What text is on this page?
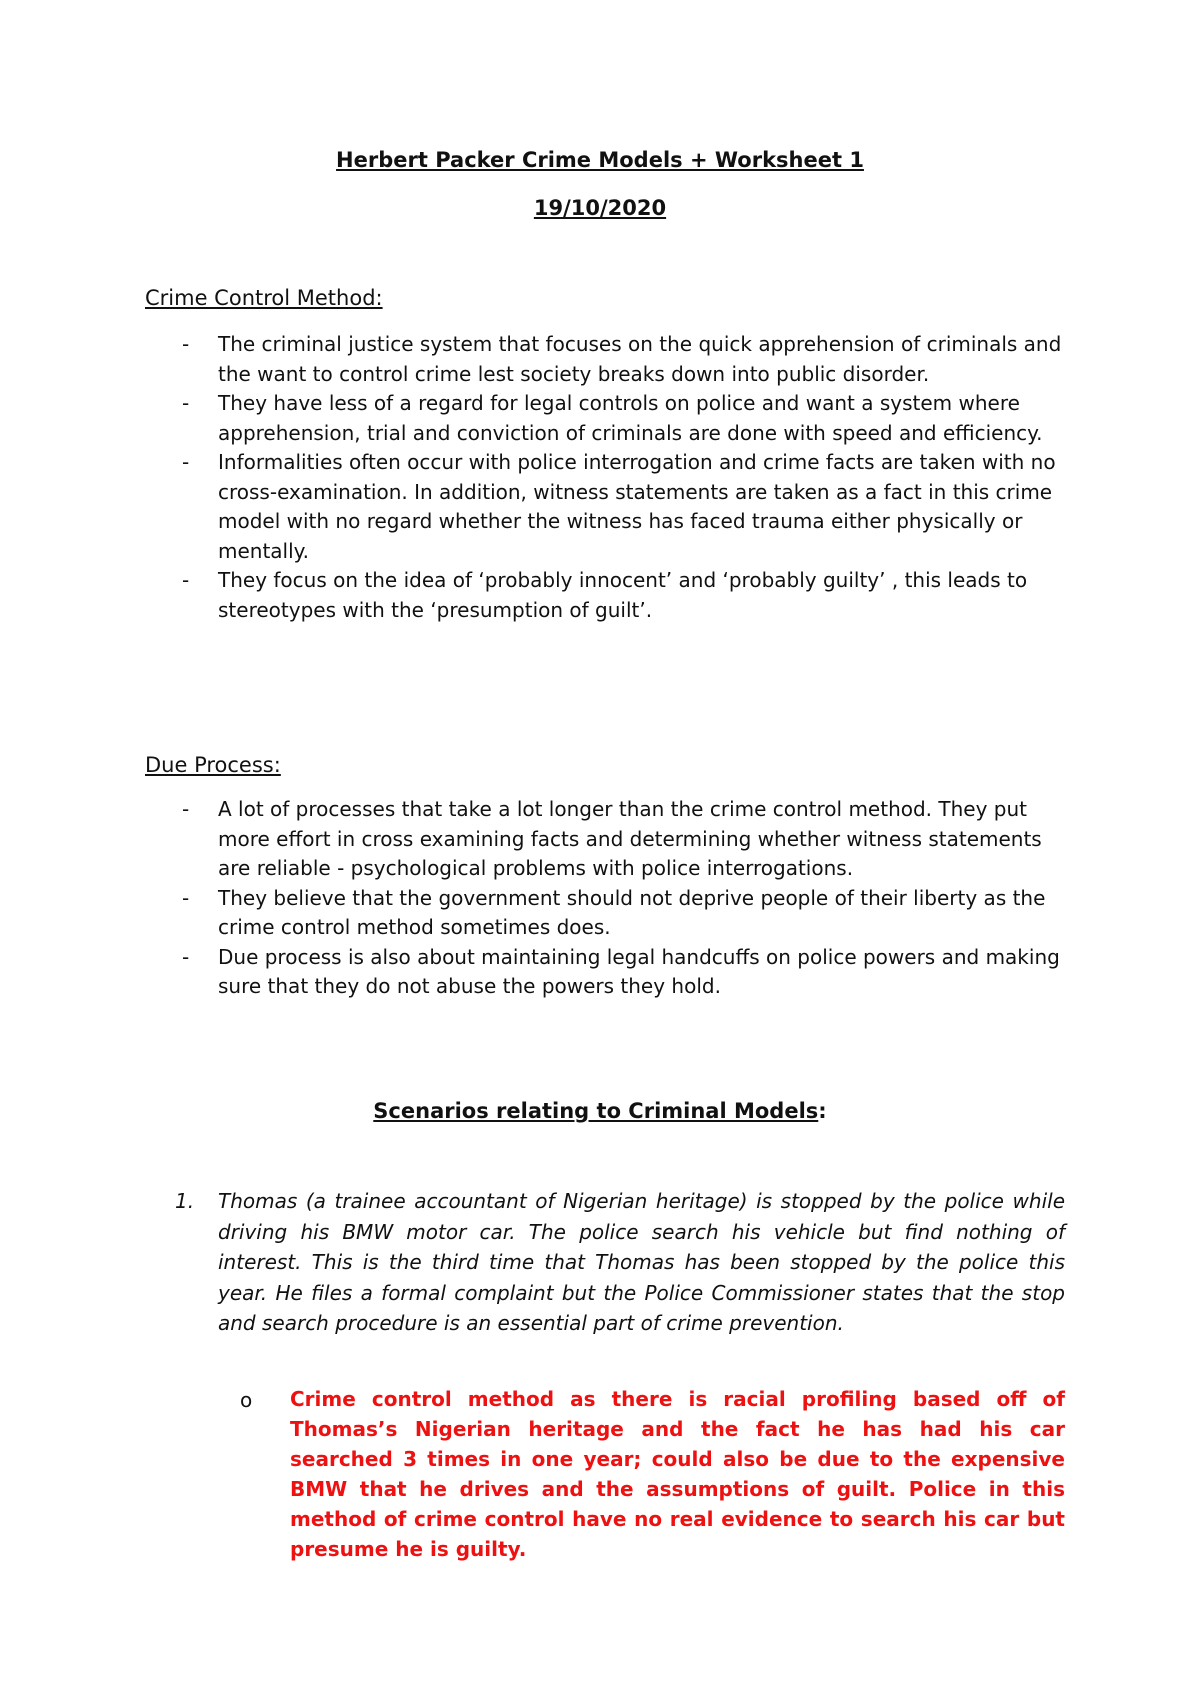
Herbert Packer Crime Models + Worksheet 1
19/10/2020
Crime Control Method:
- The criminal justice system that focuses on the quick apprehension of criminals and the want to control crime lest society breaks down into public disorder.
- They have less of a regard for legal controls on police and want a system where apprehension, trial and conviction of criminals are done with speed and efficiency.
- Informalities often occur with police interrogation and crime facts are taken with no cross-examination. In addition, witness statements are taken as a fact in this crime model with no regard whether the witness has faced trauma either physically or mentally.
- They focus on the idea of ‘probably innocent’ and ‘probably guilty’ , this leads to stereotypes with the ‘presumption of guilt’.
Due Process:
- A lot of processes that take a lot longer than the crime control method. They put more effort in cross examining facts and determining whether witness statements are reliable - psychological problems with police interrogations.
- They believe that the government should not deprive people of their liberty as the crime control method sometimes does.
- Due process is also about maintaining legal handcuffs on police powers and making sure that they do not abuse the powers they hold.
Scenarios relating to Criminal Models:
1. Thomas (a trainee accountant of Nigerian heritage) is stopped by the police while driving his BMW motor car. The police search his vehicle but find nothing of interest. This is the third time that Thomas has been stopped by the police this year. He files a formal complaint but the Police Commissioner states that the stop and search procedure is an essential part of crime prevention.
o Crime control method as there is racial profiling based off of Thomas’s Nigerian heritage and the fact he has had his car searched 3 times in one year; could also be due to the expensive BMW that he drives and the assumptions of guilt. Police in this method of crime control have no real evidence to search his car but presume he is guilty.
